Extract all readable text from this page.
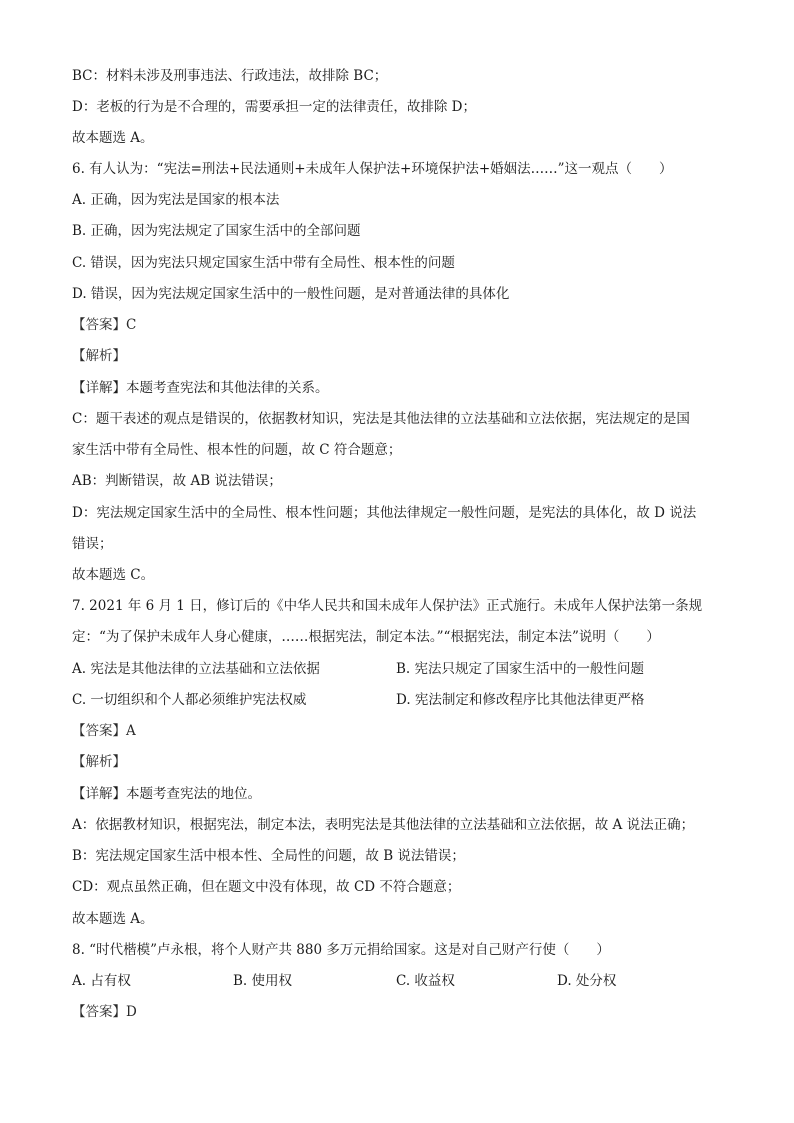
BC：材料未涉及刑事违法、行政违法，故排除 BC；
D：老板的行为是不合理的，需要承担一定的法律责任，故排除 D；
故本题选 A。
6. 有人认为：“宪法=刑法+民法通则+未成年人保护法+环境保护法+婚姻法……”这一观点（　　）
A. 正确，因为宪法是国家的根本法
B. 正确，因为宪法规定了国家生活中的全部问题
C. 错误，因为宪法只规定国家生活中带有全局性、根本性的问题
D. 错误，因为宪法规定国家生活中的一般性问题，是对普通法律的具体化
【答案】C
【解析】
【详解】本题考查宪法和其他法律的关系。
C：题干表述的观点是错误的，依据教材知识，宪法是其他法律的立法基础和立法依据，宪法规定的是国
家生活中带有全局性、根本性的问题，故 C 符合题意；
AB：判断错误，故 AB 说法错误；
D：宪法规定国家生活中的全局性、根本性问题；其他法律规定一般性问题，是宪法的具体化，故 D 说法
错误；
故本题选 C。
7. 2021 年 6 月 1 日，修订后的《中华人民共和国未成年人保护法》正式施行。未成年人保护法第一条规
定：“为了保护未成年人身心健康，……根据宪法，制定本法。”“根据宪法，制定本法”说明（　　）
A. 宪法是其他法律的立法基础和立法依据	B. 宪法只规定了国家生活中的一般性问题
C. 一切组织和个人都必须维护宪法权威	D. 宪法制定和修改程序比其他法律更严格
【答案】A
【解析】
【详解】本题考查宪法的地位。
A：依据教材知识，根据宪法，制定本法，表明宪法是其他法律的立法基础和立法依据，故 A 说法正确；
B：宪法规定国家生活中根本性、全局性的问题，故 B 说法错误；
CD：观点虽然正确，但在题文中没有体现，故 CD 不符合题意；
故本题选 A。
8. “时代楷模”卢永根，将个人财产共 880 多万元捐给国家。这是对自己财产行使（　　）
A. 占有权	B. 使用权	C. 收益权	D. 处分权
【答案】D
